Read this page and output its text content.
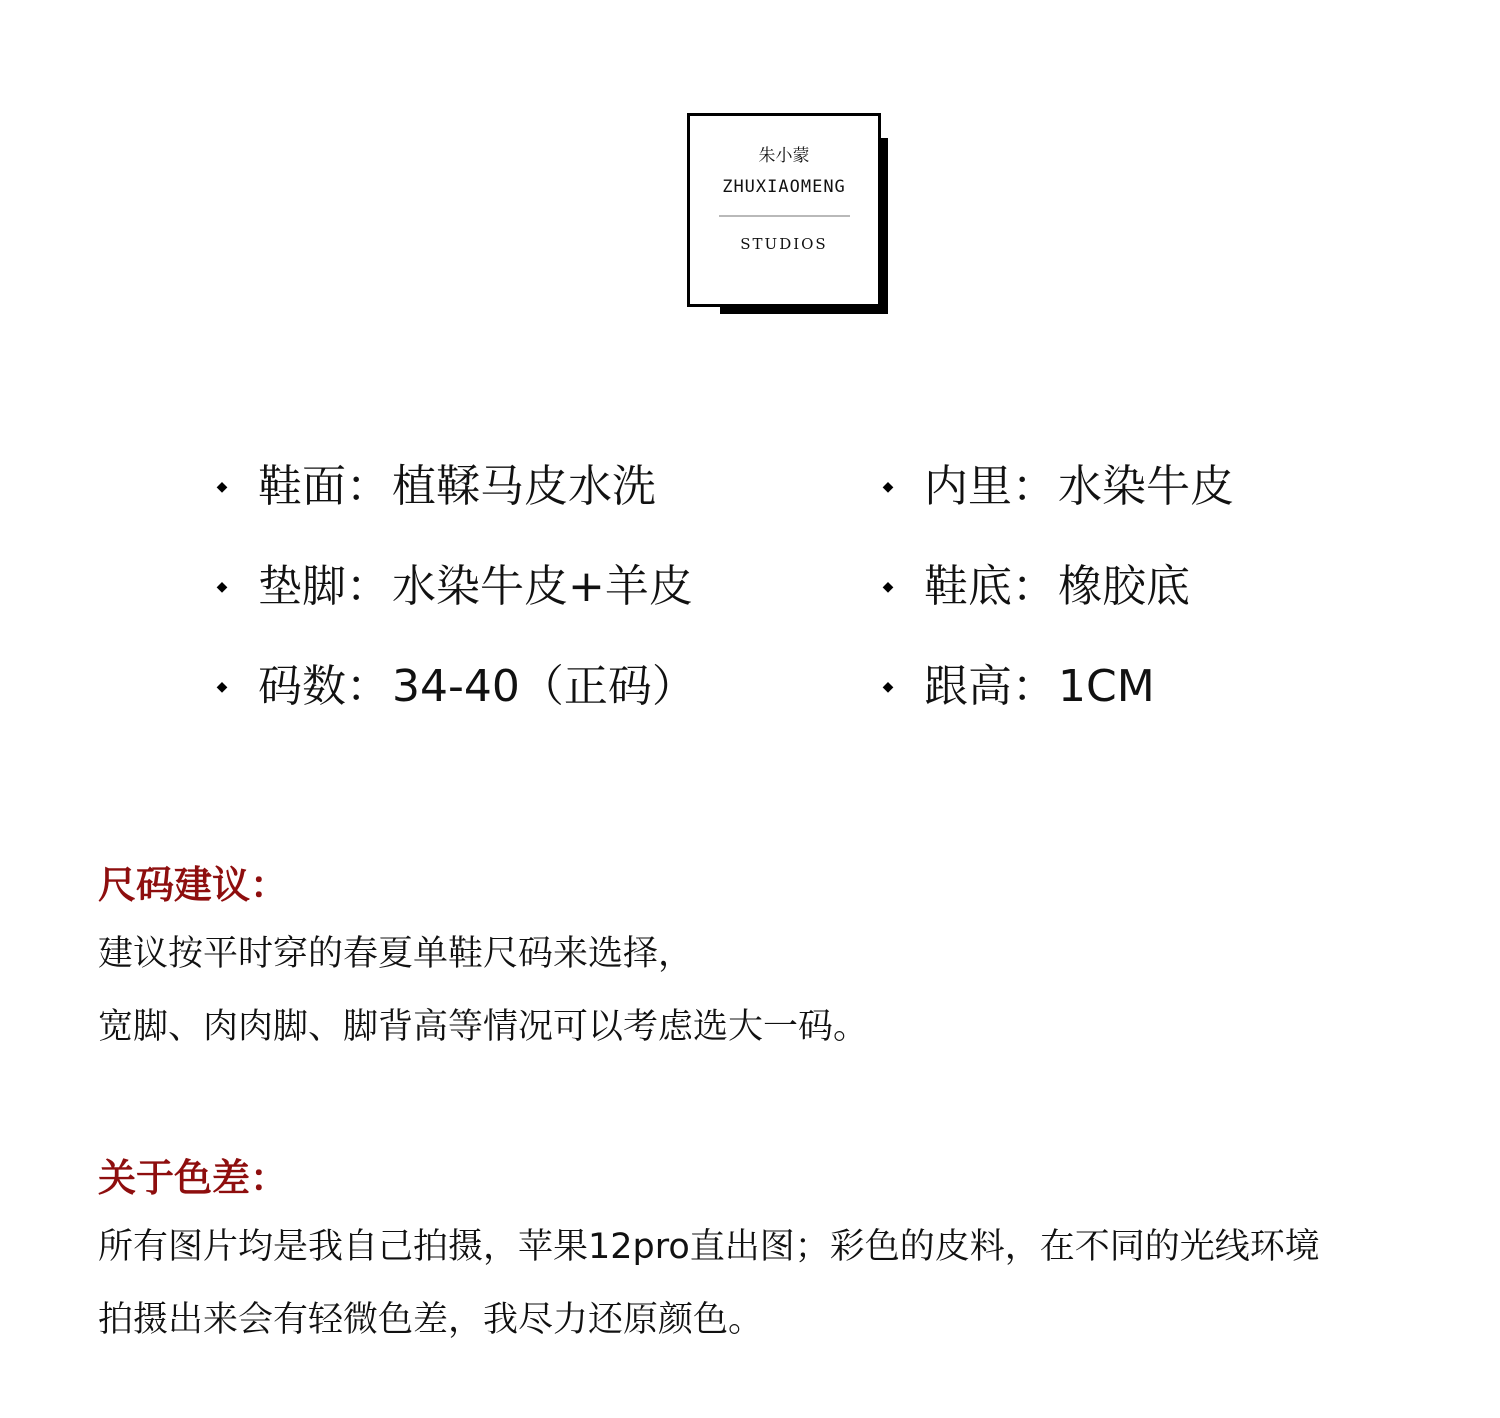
朱小蒙
ZHUXIAOMENG
STUDIOS
◆ 鞋面 ： 植鞣马皮水洗	◆ 内里 ： 水染牛皮
◆ 垫脚 ： 水染牛皮+羊皮	◆ 鞋底 ： 橡胶底
◆ 码数 ： 34-40（正码）	◆ 跟高 ： 1CM
尺码建议：
建议按平时穿的春夏单鞋尺码来选择，
宽脚、肉肉脚、脚背高等情况可以考虑选大一码。
关于色差：
所有图片均是我自己拍摄，苹果12pro直出图；彩色的皮料，在不同的光线环境
拍摄出来会有轻微色差，我尽力还原颜色。
